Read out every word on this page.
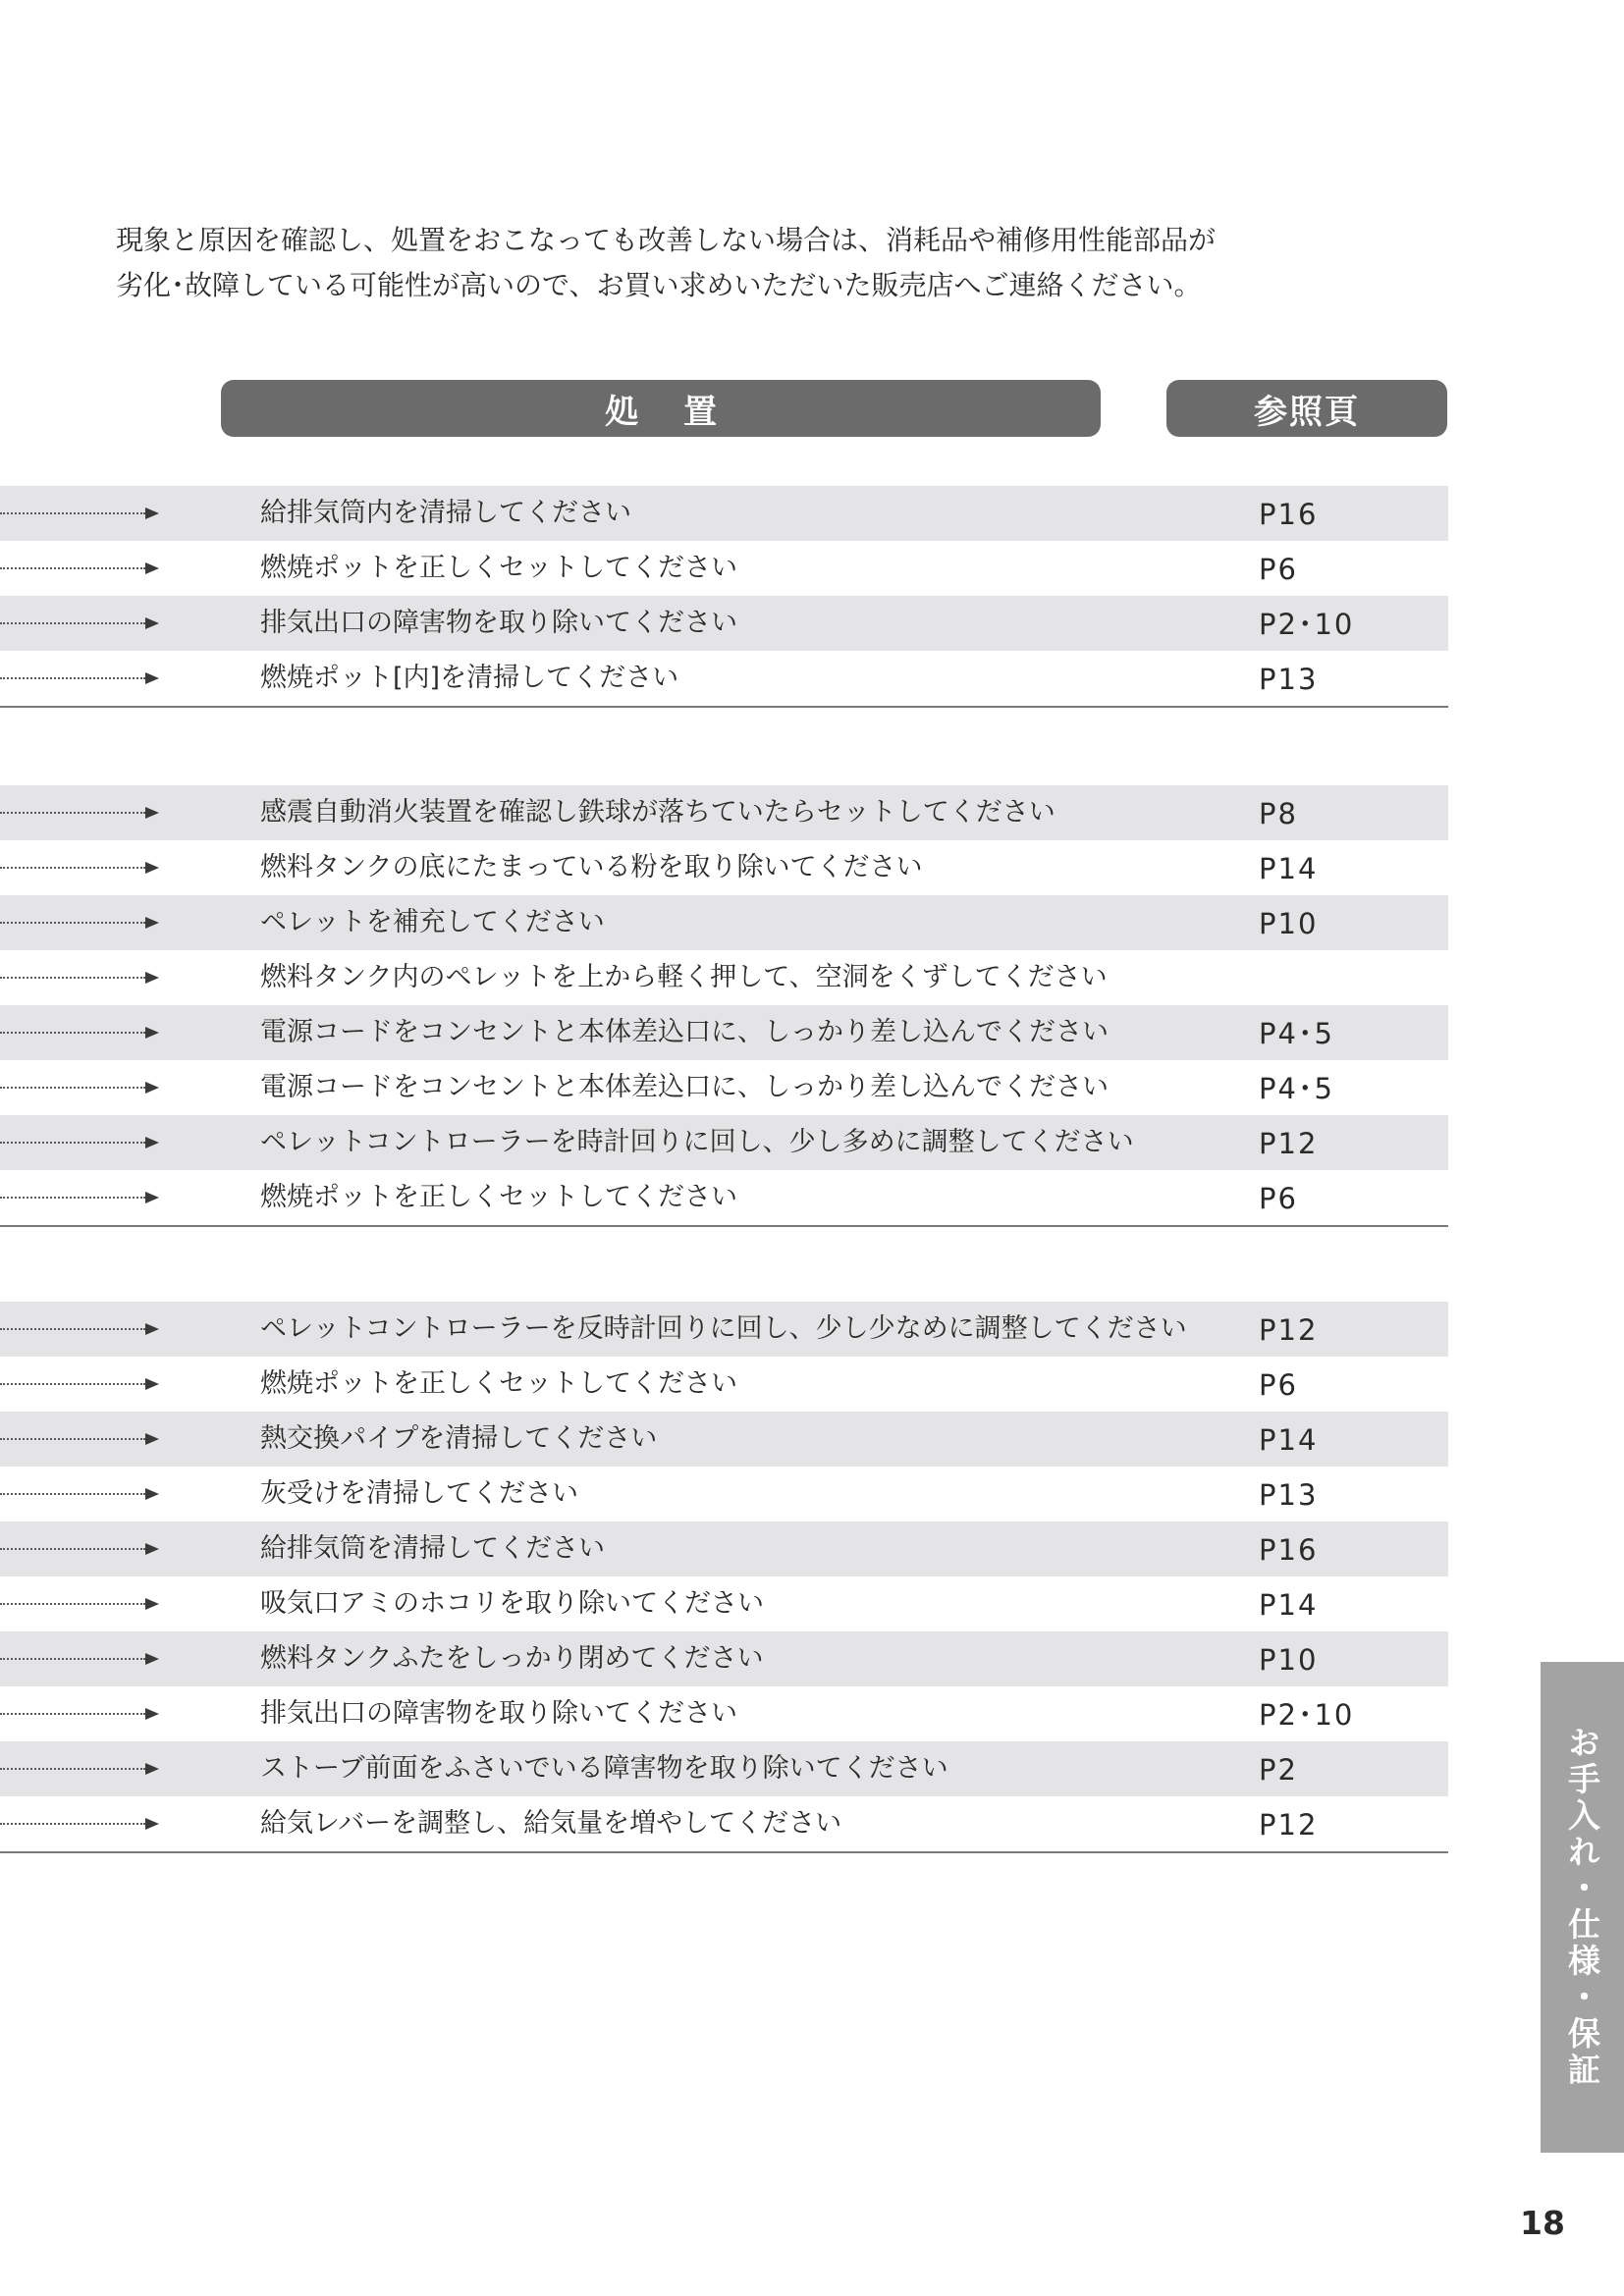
現象と原因を確認し、処置をおこなっても改善しない場合は、消耗品や補修用性能部品が
劣化･故障している可能性が高いので、お買い求めいただいた販売店へご連絡ください。
処置	参照頁
給排気筒内を清掃してください	P16
燃焼ポットを正しくセットしてください	P6
排気出口の障害物を取り除いてください	P2･10
燃焼ポット[内]を清掃してください	P13
感震自動消火装置を確認し鉄球が落ちていたらセットしてください	P8
燃料タンクの底にたまっている粉を取り除いてください	P14
ペレットを補充してください	P10
燃料タンク内のペレットを上から軽く押して、空洞をくずしてください
電源コードをコンセントと本体差込口に、しっかり差し込んでください	P4･5
電源コードをコンセントと本体差込口に、しっかり差し込んでください	P4･5
ペレットコントローラーを時計回りに回し、少し多めに調整してください	P12
燃焼ポットを正しくセットしてください	P6
ペレットコントローラーを反時計回りに回し、少し少なめに調整してください	P12
燃焼ポットを正しくセットしてください	P6
熱交換パイプを清掃してください	P14
灰受けを清掃してください	P13
給排気筒を清掃してください	P16
吸気口アミのホコリを取り除いてください	P14
燃料タンクふたをしっかり閉めてください	P10
排気出口の障害物を取り除いてください	P2･10
ストーブ前面をふさいでいる障害物を取り除いてください	P2
給気レバーを調整し、給気量を増やしてください	P12	お手入れ・仕様・保証
18
